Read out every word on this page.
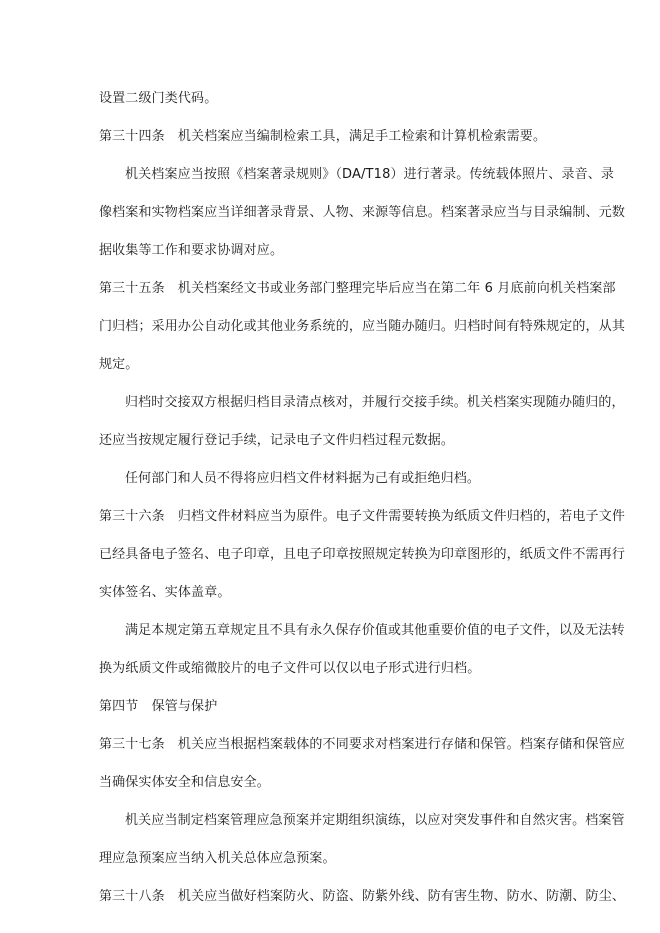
设置二级门类代码。
第三十四条　机关档案应当编制检索工具，满足手工检索和计算机检索需要。
机关档案应当按照《档案著录规则》（DA/T18）进行著录。传统载体照片、录音、录
像档案和实物档案应当详细著录背景、人物、来源等信息。档案著录应当与目录编制、元数
据收集等工作和要求协调对应。
第三十五条　机关档案经文书或业务部门整理完毕后应当在第二年 6 月底前向机关档案部
门归档；采用办公自动化或其他业务系统的，应当随办随归。归档时间有特殊规定的，从其
规定。
归档时交接双方根据归档目录清点核对，并履行交接手续。机关档案实现随办随归的，
还应当按规定履行登记手续，记录电子文件归档过程元数据。
任何部门和人员不得将应归档文件材料据为己有或拒绝归档。
第三十六条　归档文件材料应当为原件。电子文件需要转换为纸质文件归档的，若电子文件
已经具备电子签名、电子印章，且电子印章按照规定转换为印章图形的，纸质文件不需再行
实体签名、实体盖章。
满足本规定第五章规定且不具有永久保存价值或其他重要价值的电子文件，以及无法转
换为纸质文件或缩微胶片的电子文件可以仅以电子形式进行归档。
第四节　保管与保护
第三十七条　机关应当根据档案载体的不同要求对档案进行存储和保管。档案存储和保管应
当确保实体安全和信息安全。
机关应当制定档案管理应急预案并定期组织演练，以应对突发事件和自然灾害。档案管
理应急预案应当纳入机关总体应急预案。
第三十八条　机关应当做好档案防火、防盗、防紫外线、防有害生物、防水、防潮、防尘、
